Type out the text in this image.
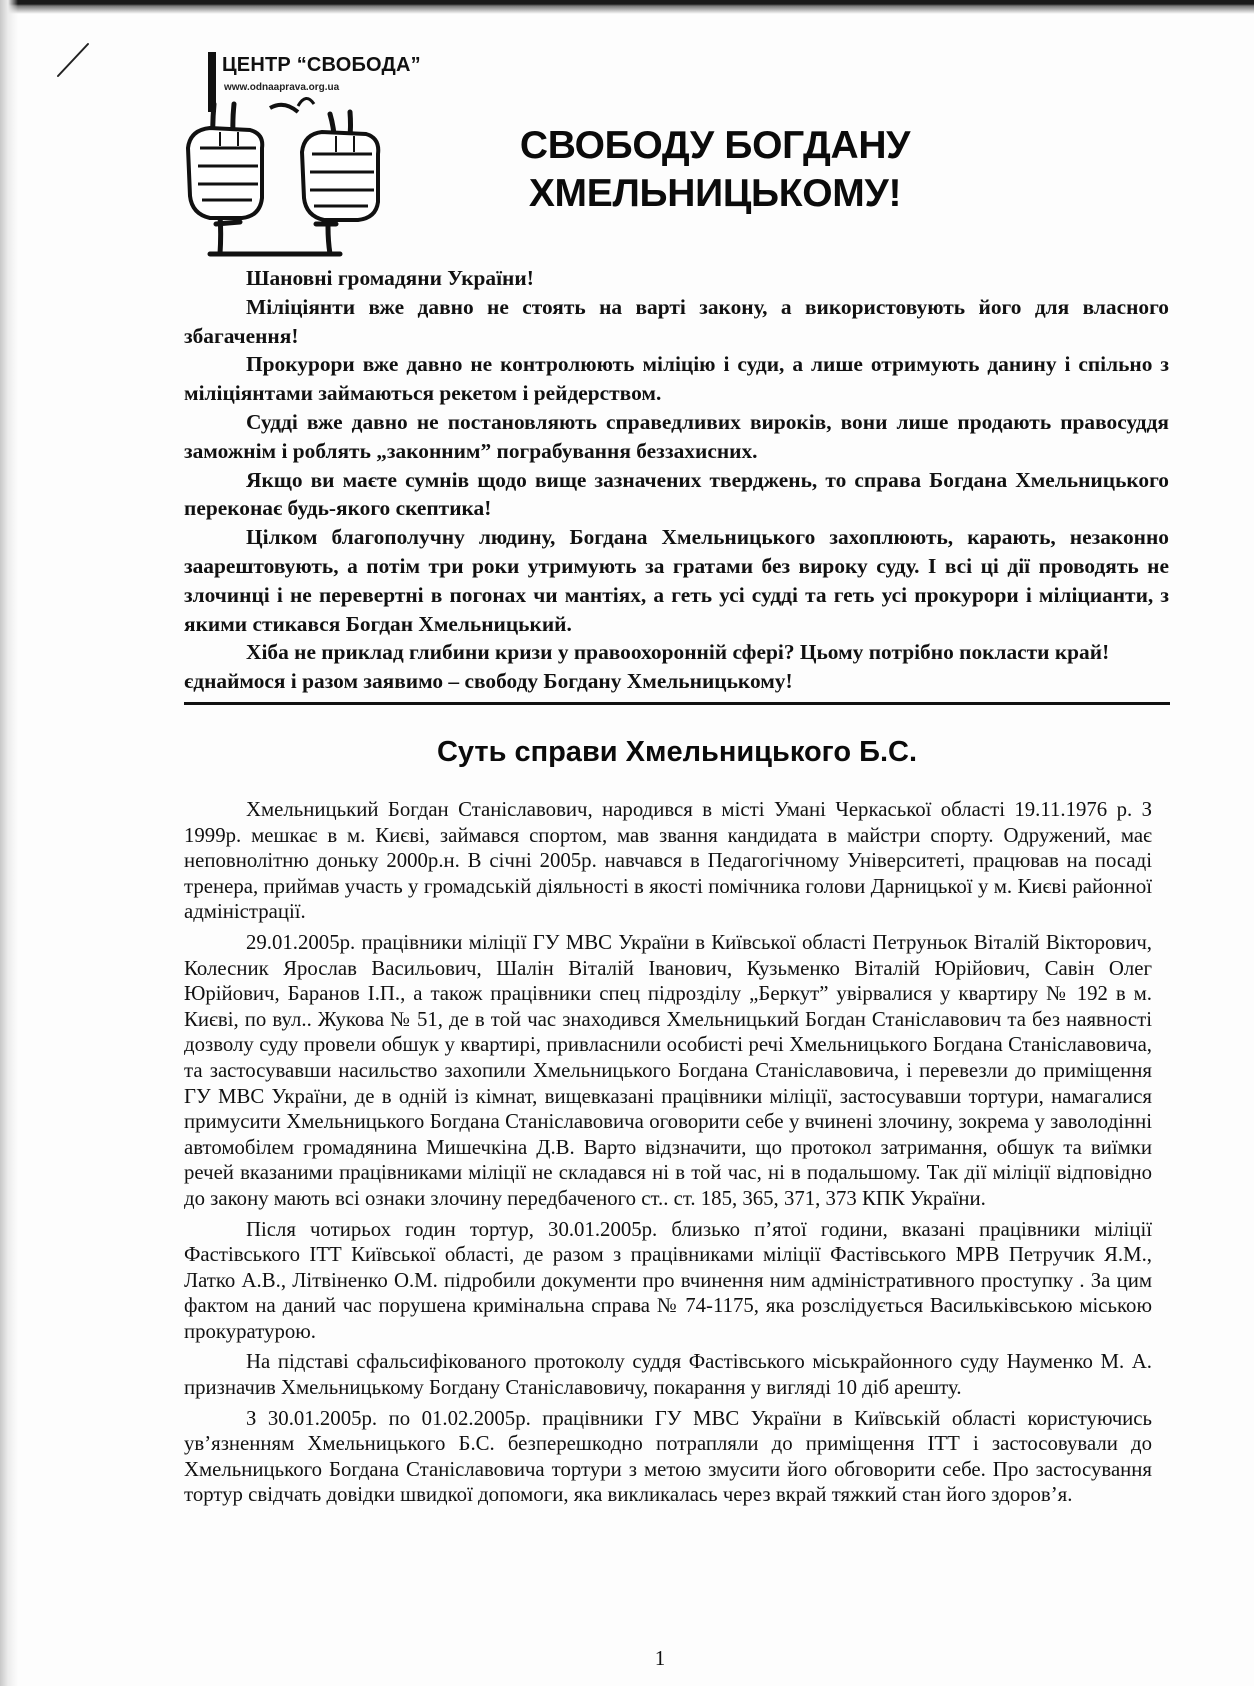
ЦЕНТР “СВОБОДА”
www.odnaaprava.org.ua
СВОБОДУ БОГДАНУ
ХМЕЛЬНИЦЬКОМУ!

Шановні громадяни України!

Міліціянти вже давно не стоять на варті закону, а використовують його для власного збагачення!

Прокурори вже давно не контролюють міліцію і суди, а лише отримують данину і спільно з міліціянтами займаються рекетом і рейдерством.

Судді вже давно не постановляють справедливих вироків, вони лише продають правосуддя заможнім і роблять „законним” пограбування беззахисних.

Якщо ви маєте сумнів щодо вище зазначених тверджень, то справа Богдана Хмельницького переконає будь-якого скептика!

Цілком благополучну людину, Богдана Хмельницького захоплюють, карають, незаконно заарештовують, а потім три роки утримують за гратами без вироку суду. І всі ці дії проводять не злочинці і не перевертні в погонах чи мантіях, а геть усі судді та геть усі прокурори і міліцианти, з якими стикався Богдан Хмельницький.

Хіба не приклад глибини кризи у правоохоронній сфері? Цьому потрібно покласти край! єднаймося і разом заявимо – свободу Богдану Хмельницькому!

Суть справи Хмельницького Б.С.

Хмельницький Богдан Станіславович, народився в місті Умані Черкаської області 19.11.1976 р. З 1999р. мешкає в м. Києві, займався спортом, мав звання кандидата в майстри спорту. Одружений, має неповнолітню доньку 2000р.н. В січні 2005р. навчався в Педагогічному Університеті, працював на посаді тренера, приймав участь у громадській діяльності в якості помічника голови Дарницької у м. Києві районної адміністрації.

29.01.2005р. працівники міліції ГУ МВС України в Київської області Петруньок Віталій Вікторович, Колесник Ярослав Васильович, Шалін Віталій Іванович, Кузьменко Віталій Юрійович, Савін Олег Юрійович, Баранов І.П., а також працівники спец підрозділу „Беркут” увірвалися у квартиру № 192 в м. Києві, по вул.. Жукова № 51, де в той час знаходився Хмельницький Богдан Станіславович та без наявності дозволу суду провели обшук у квартирі, привласнили особисті речі Хмельницького Богдана Станіславовича, та застосувавши насильство захопили Хмельницького Богдана Станіславовича, і перевезли до приміщення ГУ МВС України, де в одній із кімнат, вищевказані працівники міліції, застосувавши тортури, намагалися примусити Хмельницького Богдана Станіславовича оговорити себе у вчинені злочину, зокрема у заволодінні автомобілем громадянина Мишечкіна Д.В. Варто відзначити, що протокол затримання, обшук та виїмки речей вказаними працівниками міліції не складався ні в той час, ні в подальшому. Так дії міліції відповідно до закону мають всі ознаки злочину передбаченого ст.. ст. 185, 365, 371, 373 КПК України.

Після чотирьох годин тортур, 30.01.2005р. близько п’ятої години, вказані працівники міліції Фастівського ІТТ Київської області, де разом з працівниками міліції Фастівського МРВ Петручик Я.М., Латко А.В., Літвіненко О.М. підробили документи про вчинення ним адміністративного проступку . За цим фактом на даний час порушена кримінальна справа № 74-1175, яка розслідується Васильківською міською прокуратурою.

На підставі сфальсифікованого протоколу суддя Фастівського міськрайонного суду Науменко М. А. призначив Хмельницькому Богдану Станіславовичу, покарання у вигляді 10 діб арешту.

З 30.01.2005р. по 01.02.2005р. працівники ГУ МВС України в Київській області користуючись ув’язненням Хмельницького Б.С. безперешкодно потрапляли до приміщення ІТТ і застосовували до Хмельницького Богдана Станіславовича тортури з метою змусити його обговорити себе. Про застосування тортур свідчать довідки швидкої допомоги, яка викликалась через вкрай тяжкий стан його здоров’я.

1
